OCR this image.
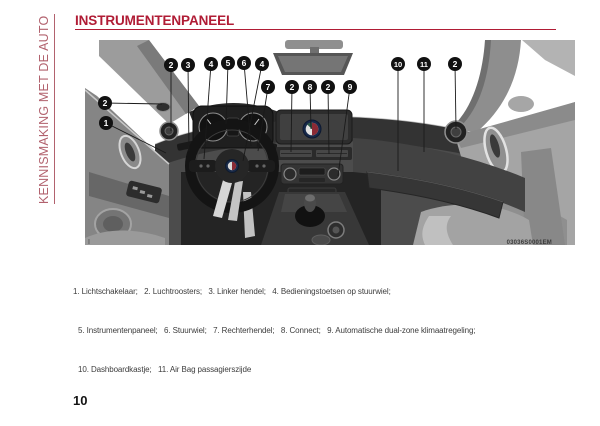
KENNISMAKING MET DE AUTO INSTRUMENTENPANEEL
2 3 4 5 6 4
7 2 8 2 9
10 11	2
2
1
I	03036S0001EM

1. Lichtschakelaar;   2. Luchtroosters;   3. Linker hendel;   4. Bedieningstoetsen op stuurwiel;

5. Instrumentenpaneel;   6. Stuurwiel;   7. Rechterhendel;   8. Connect;   9. Automatische dual-zone klimaatregeling;

10. Dashboardkastje;   11. Air Bag passagierszijde

10
